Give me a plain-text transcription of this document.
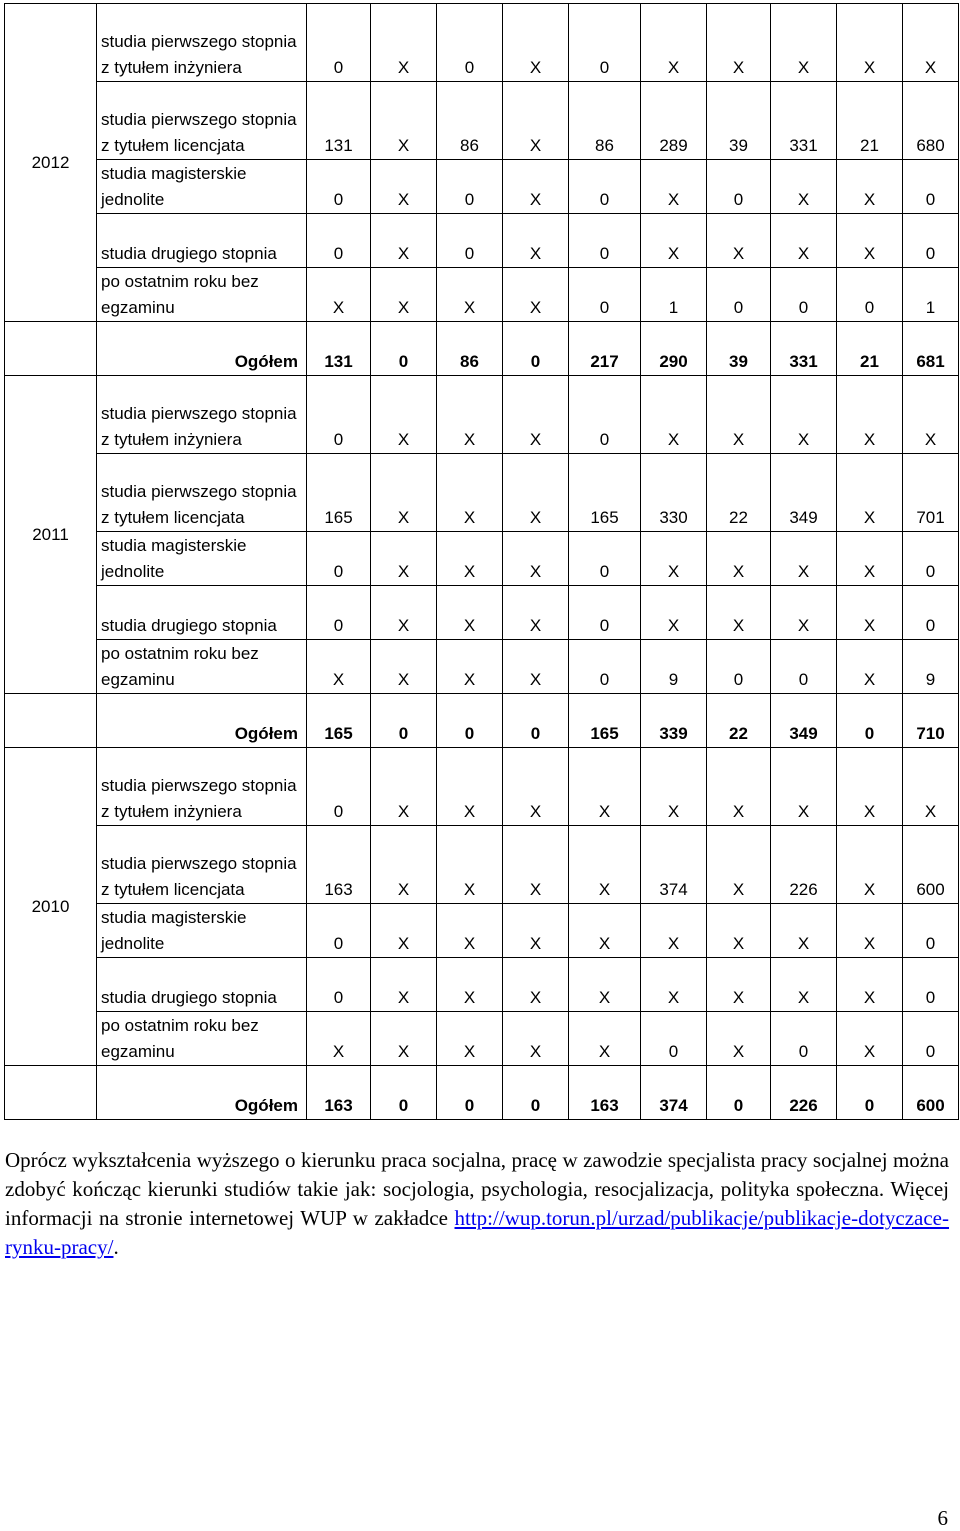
2012	studia pierwszego stopnia z tytułem inżyniera	0	X	0	X	0	X	X	X	X	X
	studia pierwszego stopnia z tytułem licencjata	131	X	86	X	86	289	39	331	21	680
	studia magisterskie jednolite	0	X	0	X	0	X	0	X	X	0
	studia drugiego stopnia	0	X	0	X	0	X	X	X	X	0
	po ostatnim roku bez egzaminu	X	X	X	X	0	1	0	0	0	1
	Ogółem	131	0	86	0	217	290	39	331	21	681
2011	studia pierwszego stopnia z tytułem inżyniera	0	X	X	X	0	X	X	X	X	X
	studia pierwszego stopnia z tytułem licencjata	165	X	X	X	165	330	22	349	X	701
	studia magisterskie jednolite	0	X	X	X	0	X	X	X	X	0
	studia drugiego stopnia	0	X	X	X	0	X	X	X	X	0
	po ostatnim roku bez egzaminu	X	X	X	X	0	9	0	0	X	9
	Ogółem	165	0	0	0	165	339	22	349	0	710
2010	studia pierwszego stopnia z tytułem inżyniera	0	X	X	X	X	X	X	X	X	X
	studia pierwszego stopnia z tytułem licencjata	163	X	X	X	X	374	X	226	X	600
	studia magisterskie jednolite	0	X	X	X	X	X	X	X	X	0
	studia drugiego stopnia	0	X	X	X	X	X	X	X	X	0
	po ostatnim roku bez egzaminu	X	X	X	X	X	0	X	0	X	0
	Ogółem	163	0	0	0	163	374	0	226	0	600

Oprócz wykształcenia wyższego o kierunku praca socjalna, pracę w zawodzie specjalista pracy socjalnej można zdobyć kończąc kierunki studiów takie jak: socjologia, psychologia, resocjalizacja, polityka społeczna. Więcej informacji na stronie internetowej WUP w zakładce http://wup.torun.pl/urzad/publikacje/publikacje-dotyczace-rynku-pracy/.

6
